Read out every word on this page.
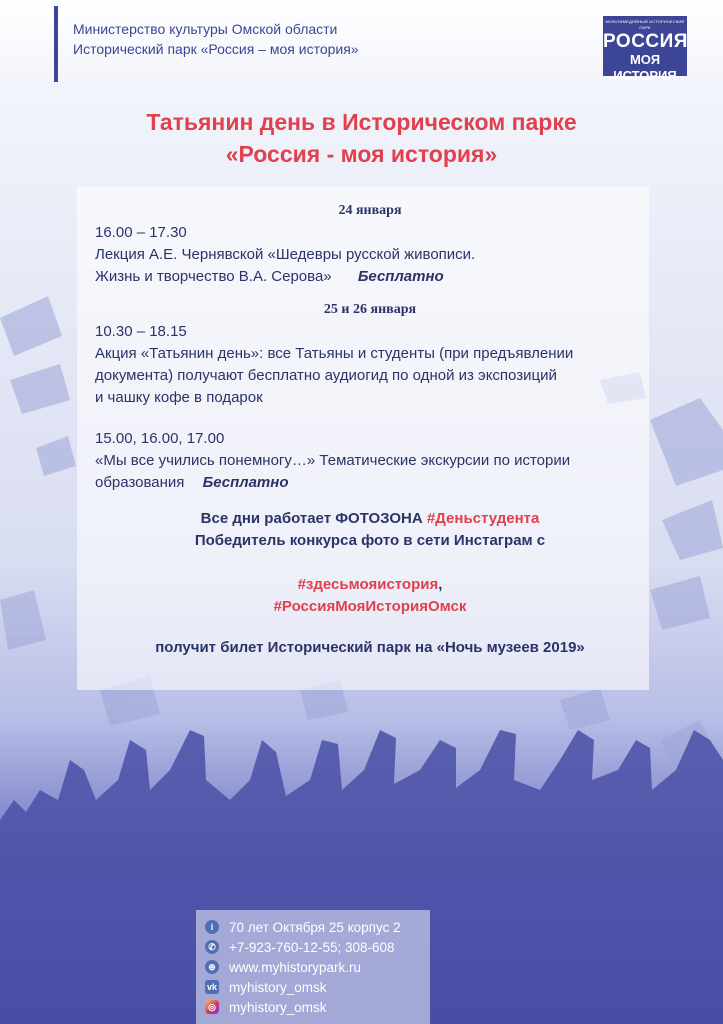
Министерство культуры Омской области
Исторический парк «Россия – моя история»
МУЛЬТИМЕДИЙНЫЙ ИСТОРИЧЕСКИЙ ПАРК
РОССИЯ
МОЯ ИСТОРИЯ
Татьянин день в Историческом парке
«Россия - моя история»
24 января
16.00 – 17.30
Лекция А.Е. Чернявской «Шедевры русской живописи.
Жизнь и творчество В.А. Серова» Бесплатно
25 и 26 января
10.30 – 18.15
Акция «Татьянин день»: все Татьяны и студенты (при предъявлении
документа) получают бесплатно аудиогид по одной из экспозиций
и чашку кофе в подарок
15.00, 16.00, 17.00
«Мы все учились понемногу…» Тематические экскурсии по истории
образования Бесплатно
Все дни работает ФОТОЗОНА #Деньстудента
Победитель конкурса фото в сети Инстаграм с
#здесьмояистория,
#РоссияМояИсторияОмск
получит билет Исторический парк на «Ночь музеев 2019»
i	70 лет Октября 25 корпус 2
✆ +7-923-760-12-55; 308-608
⊕ www.myhistorypark.ru
vk myhistory_omsk
◎ myhistory_omsk
